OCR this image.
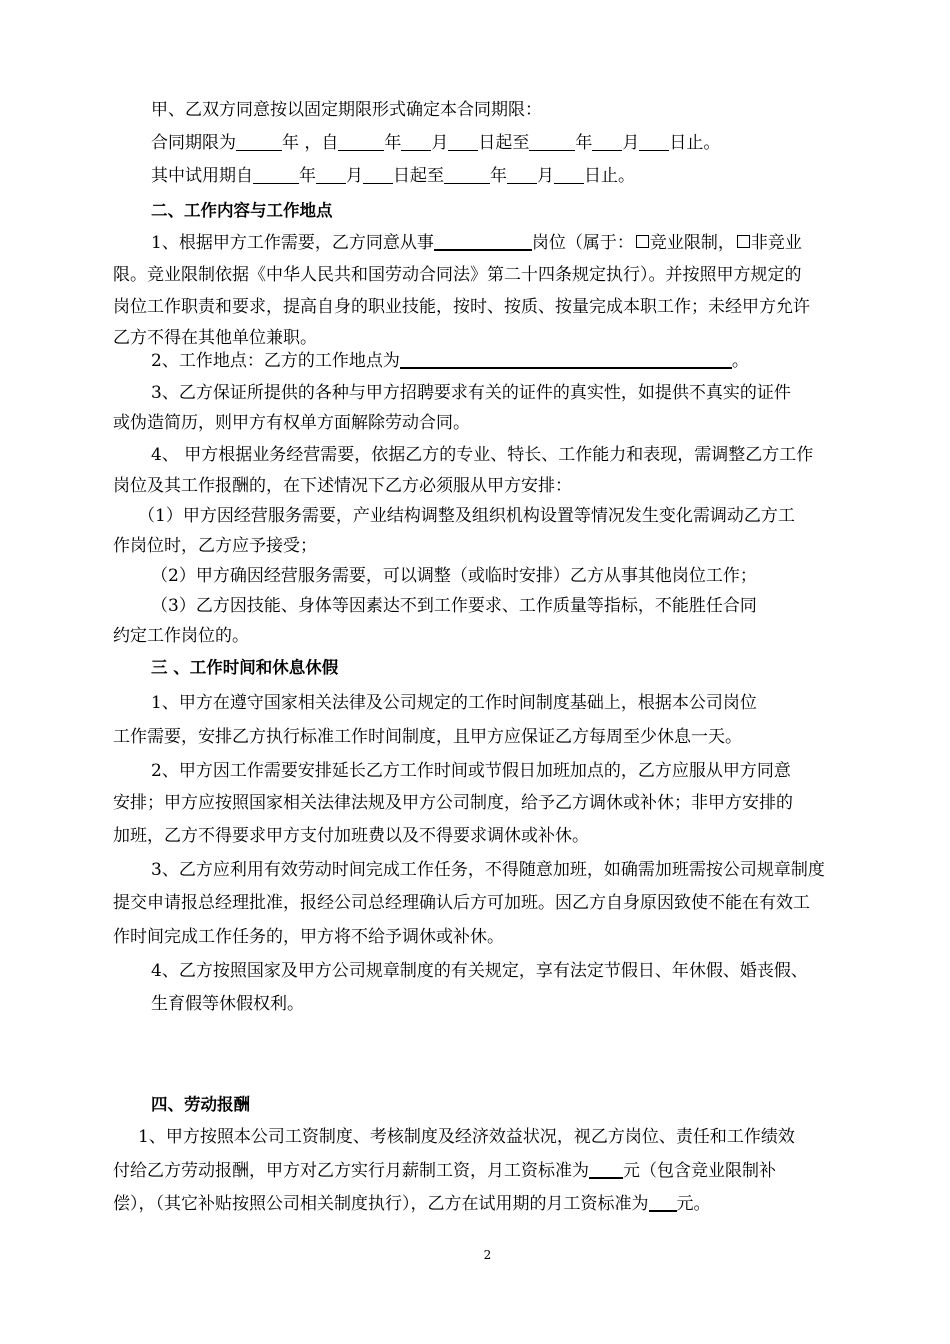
甲、乙双方同意按以固定期限形式确定本合同期限：
合同期限为	年 ，自	年 月 日起至	年 月 日止。
其中试用期自	年 月 日起至	年 月 日止。
二、工作内容与工作地点
1、根据甲方工作需要，乙方同意从事	岗位（属于： 竞业限制， 非竞业
限。竞业限制依据《中华人民共和国劳动合同法》第二十四条规定执行）。并按照甲方规定的
岗位工作职责和要求，提高自身的职业技能，按时、按质、按量完成本职工作；未经甲方允许
乙方不得在其他单位兼职。
2、工作地点：乙方的工作地点为	。
3、乙方保证所提供的各种与甲方招聘要求有关的证件的真实性，如提供不真实的证件
或伪造简历，则甲方有权单方面解除劳动合同。
4、 甲方根据业务经营需要，依据乙方的专业、特长、工作能力和表现，需调整乙方工作
岗位及其工作报酬的，在下述情况下乙方必须服从甲方安排：
（1）甲方因经营服务需要，产业结构调整及组织机构设置等情况发生变化需调动乙方工
作岗位时，乙方应予接受；
（2）甲方确因经营服务需要，可以调整（或临时安排）乙方从事其他岗位工作；
（3）乙方因技能、身体等因素达不到工作要求、工作质量等指标，不能胜任合同
约定工作岗位的。
三 、工作时间和休息休假
1、甲方在遵守国家相关法律及公司规定的工作时间制度基础上，根据本公司岗位
工作需要，安排乙方执行标准工作时间制度，且甲方应保证乙方每周至少休息一天。
2、甲方因工作需要安排延长乙方工作时间或节假日加班加点的，乙方应服从甲方同意
安排；甲方应按照国家相关法律法规及甲方公司制度，给予乙方调休或补休；非甲方安排的
加班，乙方不得要求甲方支付加班费以及不得要求调休或补休。
3、乙方应利用有效劳动时间完成工作任务，不得随意加班，如确需加班需按公司规章制度
提交申请报总经理批准，报经公司总经理确认后方可加班。因乙方自身原因致使不能在有效工
作时间完成工作任务的，甲方将不给予调休或补休。
4、乙方按照国家及甲方公司规章制度的有关规定，享有法定节假日、年休假、婚丧假、
生育假等休假权利。
四、劳动报酬
1、甲方按照本公司工资制度、考核制度及经济效益状况，视乙方岗位、责任和工作绩效
付给乙方劳动报酬，甲方对乙方实行月薪制工资，月工资标准为 元（包含竞业限制补
偿），（其它补贴按照公司相关制度执行），乙方在试用期的月工资标准为 元。
2
